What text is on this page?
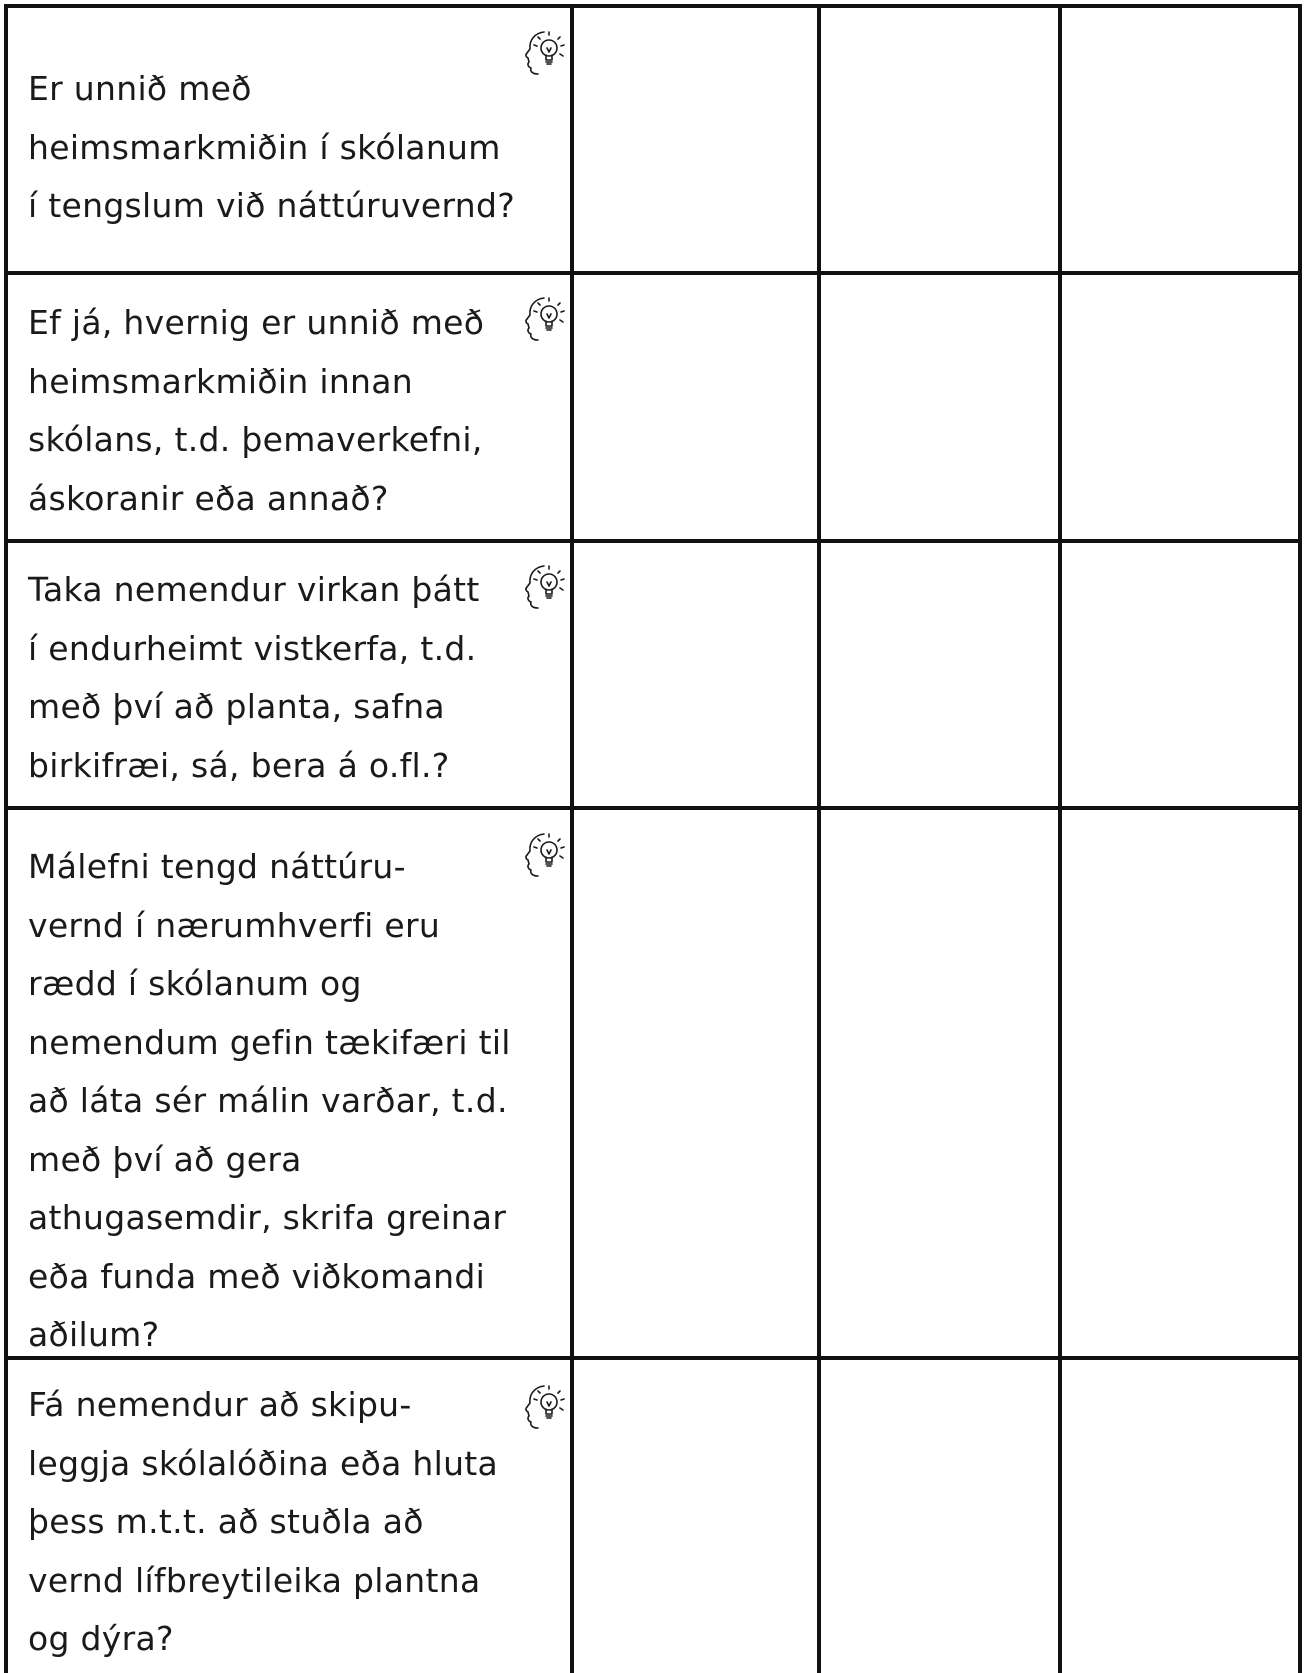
Er unnið með
heimsmarkmiðin í skólanum
í tengslum við náttúruvernd?
Ef já, hvernig er unnið með
heimsmarkmiðin innan
skólans, t.d. þemaverkefni,
áskoranir eða annað?
Taka nemendur virkan þátt
í endurheimt vistkerfa, t.d.
með því að planta, safna
birkifræi, sá, bera á o.fl.?
Málefni tengd náttúru-
vernd í nærumhverfi eru
rædd í skólanum og
nemendum gefin tækifæri til
að láta sér málin varðar, t.d.
með því að gera
athugasemdir, skrifa greinar
eða funda með viðkomandi
aðilum?
Fá nemendur að skipu-
leggja skólalóðina eða hluta
þess m.t.t. að stuðla að
vernd lífbreytileika plantna
og dýra?
